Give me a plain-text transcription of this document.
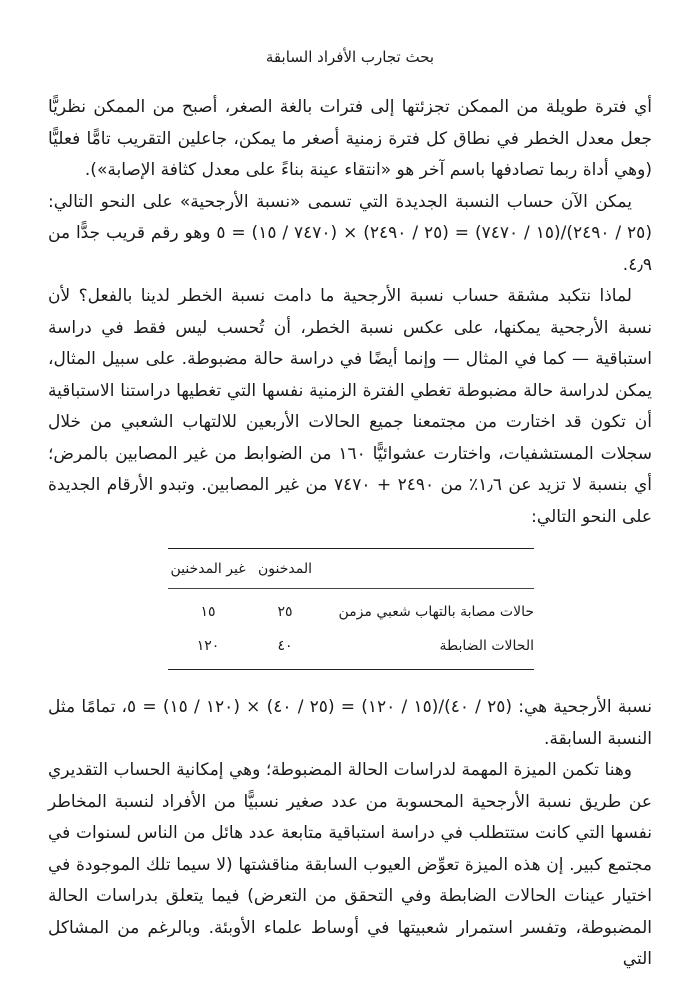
بحث تجارب الأفراد السابقة

أي فترة طويلة من الممكن تجزئتها إلى فترات بالغة الصغر، أصبح من الممكن نظريًّا جعل معدل الخطر في نطاق كل فترة زمنية أصغر ما يمكن، جاعلين التقريب تامًّا فعليًّا (وهي أداة ربما تصادفها باسم آخر هو «انتقاء عينة بناءً على معدل كثافة الإصابة»).

يمكن الآن حساب النسبة الجديدة التي تسمى «نسبة الأرجحية» على النحو التالي: (٢٥ / ٢٤٩٠)/(١٥ / ٧٤٧٠) = (٢٥ / ٢٤٩٠) × (٧٤٧٠ / ١٥) = ٥ وهو رقم قريب جدًّا من ٤٫٩.

لماذا نتكبد مشقة حساب نسبة الأرجحية ما دامت نسبة الخطر لدينا بالفعل؟ لأن نسبة الأرجحية يمكنها، على عكس نسبة الخطر، أن تُحسب ليس فقط في دراسة استباقية — كما في المثال — وإنما أيضًا في دراسة حالة مضبوطة. على سبيل المثال، يمكن لدراسة حالة مضبوطة تغطي الفترة الزمنية نفسها التي تغطيها دراستنا الاستباقية أن تكون قد اختارت من مجتمعنا جميع الحالات الأربعين للالتهاب الشعبي من خلال سجلات المستشفيات، واختارت عشوائيًّا ١٦٠ من الضوابط من غير المصابين بالمرض؛ أي بنسبة لا تزيد عن ١٫٦٪ من ٢٤٩٠ + ٧٤٧٠ من غير المصابين. وتبدو الأرقام الجديدة على النحو التالي:

المدخنون
غير المدخنين
حالات مصابة بالتهاب شعبي مزمن
٢٥
١٥
الحالات الضابطة
٤٠
١٢٠

نسبة الأرجحية هي: (٢٥ / ٤٠)/(١٥ / ١٢٠) = (٢٥ / ٤٠) × (١٢٠ / ١٥) = ٥، تمامًا مثل النسبة السابقة.

وهنا تكمن الميزة المهمة لدراسات الحالة المضبوطة؛ وهي إمكانية الحساب التقديري عن طريق نسبة الأرجحية المحسوبة من عدد صغير نسبيًّا من الأفراد لنسبة المخاطر نفسها التي كانت ستتطلب في دراسة استباقية متابعة عدد هائل من الناس لسنوات في مجتمع كبير. إن هذه الميزة تعوِّض العيوب السابقة مناقشتها (لا سيما تلك الموجودة في اختيار عينات الحالات الضابطة وفي التحقق من التعرض) فيما يتعلق بدراسات الحالة المضبوطة، وتفسر استمرار شعبيتها في أوساط علماء الأوبئة. وبالرغم من المشاكل التي
